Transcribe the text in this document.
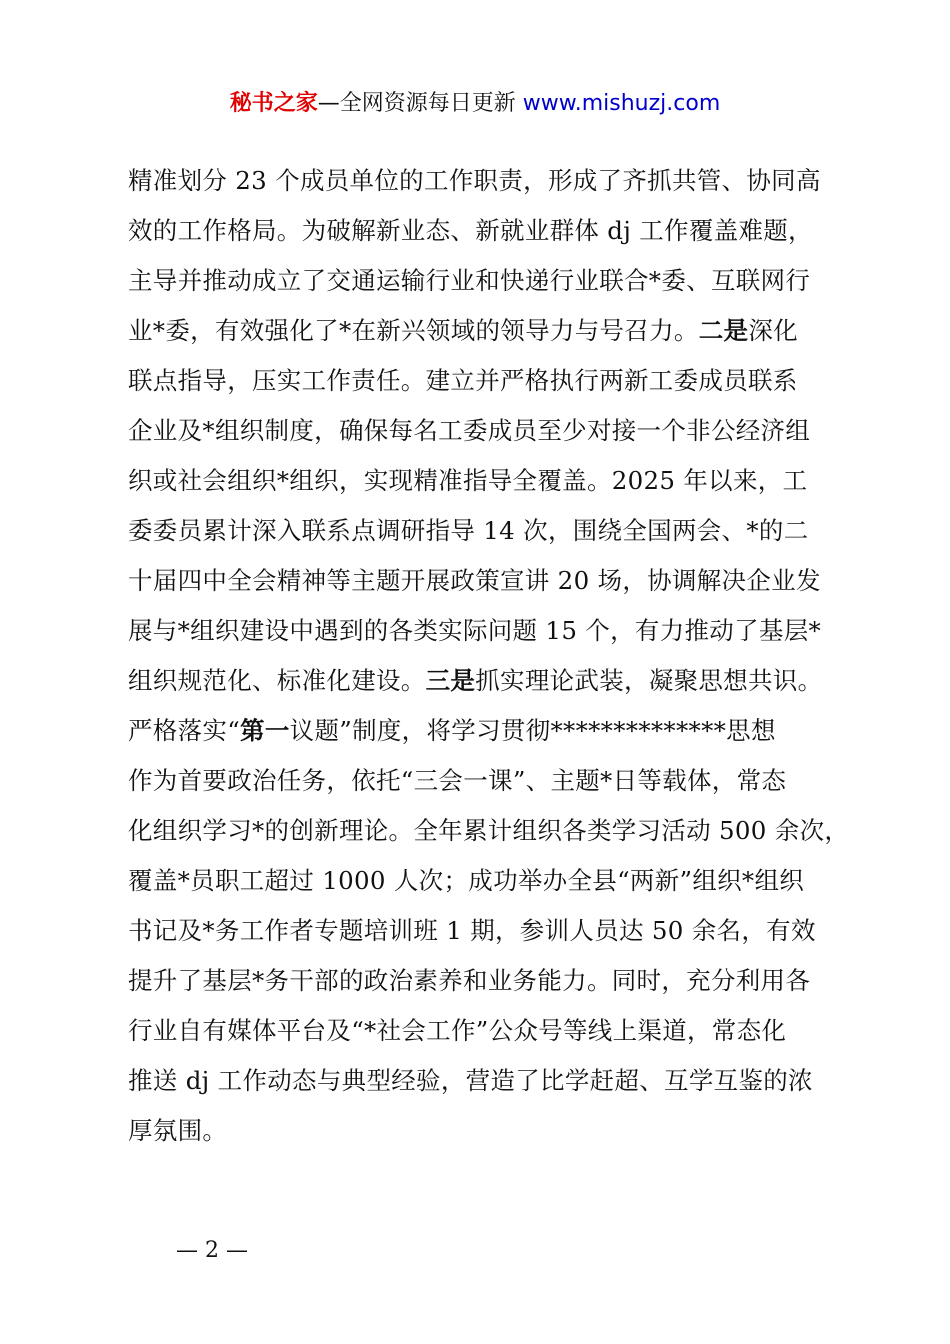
秘书之家—全网资源每日更新 www.mishuzj.com
精准划分 23 个成员单位的工作职责，形成了齐抓共管、协同高
效的工作格局。为破解新业态、新就业群体 dj 工作覆盖难题，
主导并推动成立了交通运输行业和快递行业联合*委、互联网行
业*委，有效强化了*在新兴领域的领导力与号召力。二是深化
联点指导，压实工作责任。建立并严格执行两新工委成员联系
企业及*组织制度，确保每名工委成员至少对接一个非公经济组
织或社会组织*组织，实现精准指导全覆盖。2025 年以来，工
委委员累计深入联系点调研指导 14 次，围绕全国两会、*的二
十届四中全会精神等主题开展政策宣讲 20 场，协调解决企业发
展与*组织建设中遇到的各类实际问题 15 个，有力推动了基层*
组织规范化、标准化建设。三是抓实理论武装，凝聚思想共识。
严格落实“第一议题”制度，将学习贯彻**************思想
作为首要政治任务，依托“三会一课”、主题*日等载体，常态
化组织学习*的创新理论。全年累计组织各类学习活动 500 余次，
覆盖*员职工超过 1000 人次；成功举办全县“两新”组织*组织
书记及*务工作者专题培训班 1 期，参训人员达 50 余名，有效
提升了基层*务干部的政治素养和业务能力。同时，充分利用各
行业自有媒体平台及“*社会工作”公众号等线上渠道，常态化
推送 dj 工作动态与典型经验，营造了比学赶超、互学互鉴的浓
厚氛围。
— 2 —
